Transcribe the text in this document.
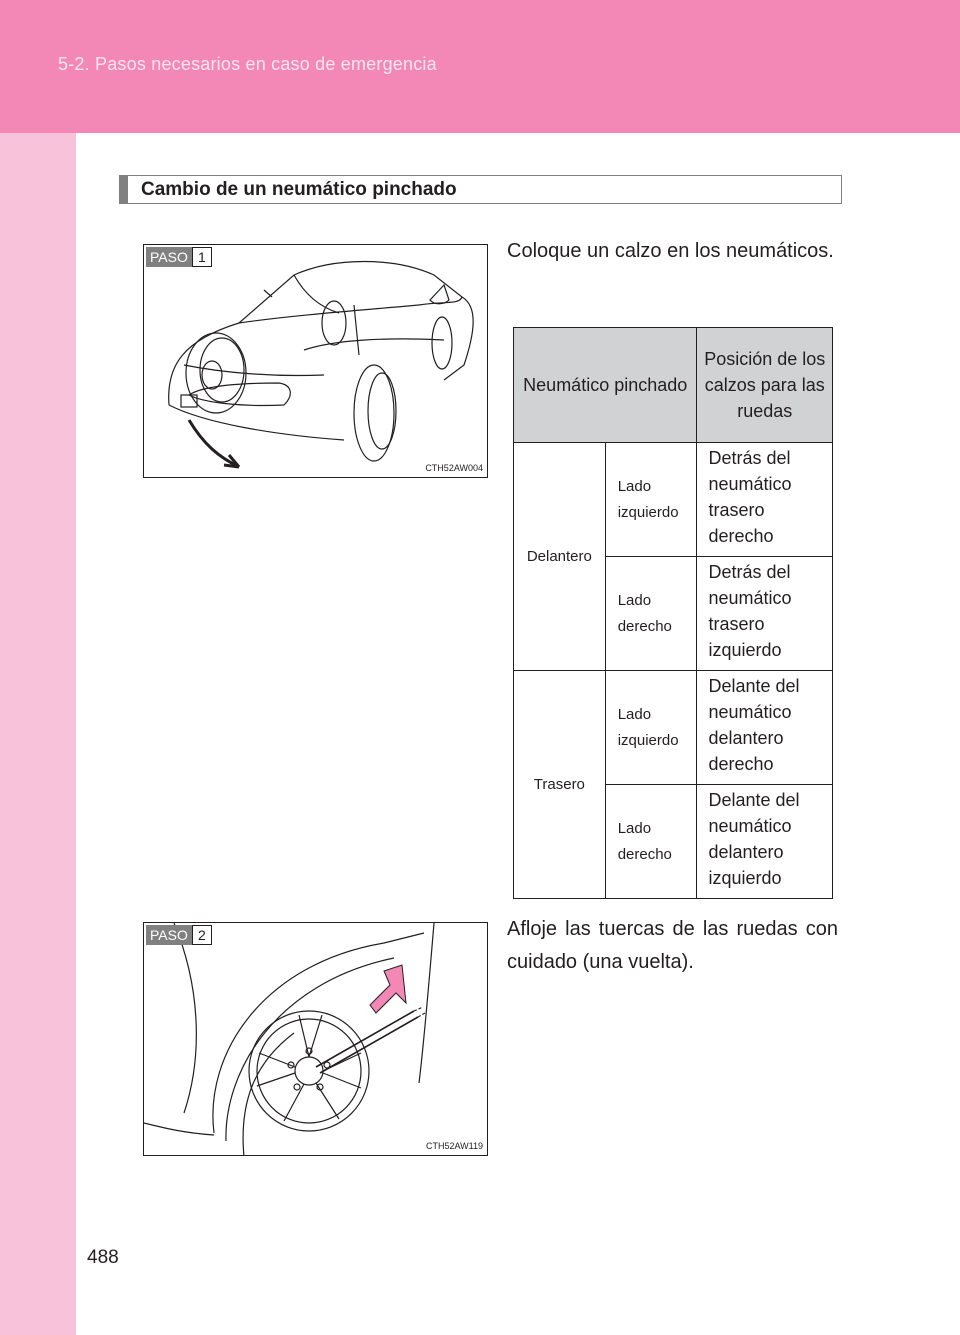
5-2. Pasos necesarios en caso de emergencia
Cambio de un neumático pinchado
PASO 1
CTH52AW004
Coloque un calzo en los neumáticos.
Neumático pinchado		Posición de los calzos para las ruedas
Delantero	Lado izquierdo	Detrás del neumático trasero derecho
	Lado derecho	Detrás del neumático trasero izquierdo
Trasero	Lado izquierdo	Delante del neumático delantero derecho
	Lado derecho	Delante del neumático delantero izquierdo
PASO 2
CTH52AW119
Afloje las tuercas de las ruedas con cuidado (una vuelta).
488
